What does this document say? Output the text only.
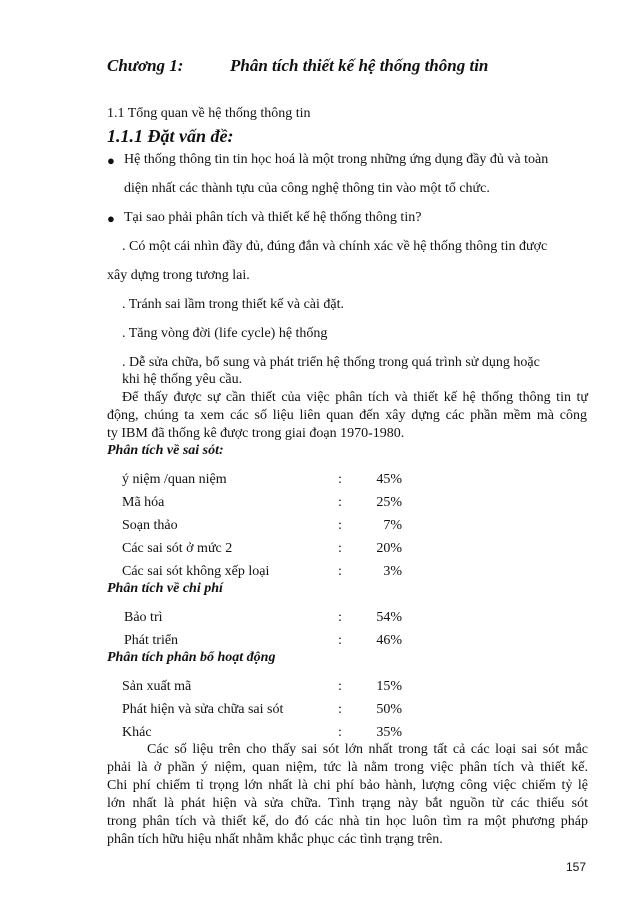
Chương 1:	Phân tích thiết kế hệ thống thông tin
1.1 Tổng quan về hệ thống thông tin
1.1.1 Đặt vấn đề:
● Hệ thống thông tin tin học hoá là một trong những ứng dụng đầy đủ và toàn
diện nhất các thành tựu của công nghệ thông tin vào một tổ chức.
● Tại sao phải phân tích và thiết kế hệ thống thông tin?
. Có một cái nhìn đầy đủ, đúng đắn và chính xác về hệ thống thông tin được
xây dựng trong tương lai.
. Tránh sai lầm trong thiết kế và cài đặt.
. Tăng vòng đời (life cycle) hệ thống
. Dễ sửa chữa, bổ sung và phát triển hệ thống trong quá trình sử dụng hoặc
khi hệ thống yêu cầu.
Để thấy được sự cần thiết của việc phân tích và thiết kế hệ thống thông tin tự
động, chúng ta xem các số liệu liên quan đến xây dựng các phần mềm mà công
ty IBM đã thống kê được trong giai đoạn 1970-1980.
Phân tích về sai sót:
ý niệm /quan niệm	:	45%
Mã hóa	:	25%
Soạn thảo	:	7%
Các sai sót ở mức 2	:	20%
Các sai sót không xếp loại	:	3%
Phân tích về chi phí
Bảo trì	:	54%
Phát triển	:	46%
Phân tích phân bổ hoạt động
Sản xuất mã	:	15%
Phát hiện và sửa chữa sai sót	:	50%
Khác	:	35%
Các số liệu trên cho thấy sai sót lớn nhất trong tất cả các loại sai sót mắc
phải là ở phần ý niệm, quan niệm, tức là nằm trong việc phân tích và thiết kế.
Chi phí chiếm tỉ trọng lớn nhất là chi phí bảo hành, lượng công việc chiếm tỷ lệ
lớn nhất là phát hiện và sửa chữa. Tình trạng này bắt nguồn từ các thiếu sót
trong phân tích và thiết kế, do đó các nhà tin học luôn tìm ra một phương pháp
phân tích hữu hiệu nhất nhằm khắc phục các tình trạng trên.
157
